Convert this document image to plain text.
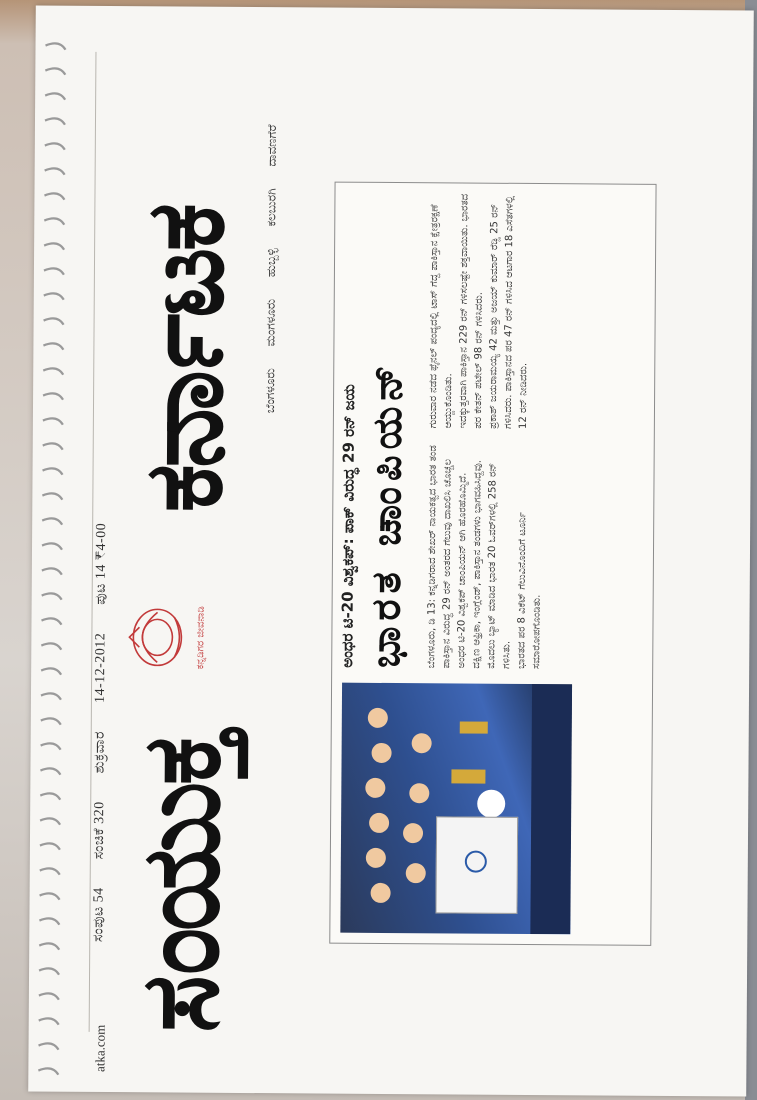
atka.com
ಸಂಪುಟ 54 ಸಂಚಿಕೆ 320 ಶುಕ್ರವಾರ 14-12-2012 ಪುಟ 14 ₹4-00
ಸಂಯುಕ್ತ
ಕರ್ನಾಟಕ
ಕನ್ನಡಿಗರ ಜೀವನಾಡಿ
ಬೆಂಗಳೂರು ಮಂಗಳೂರು ಹುಬ್ಬಳ್ಳಿ ಕಲಬುರಗಿ ದಾವಣಗೆರೆ
ಅಂಧರ ಟಿ-20 ವಿಶ್ವಕಪ್: ಪಾಕ್ ವಿರುದ್ಧ 29 ರನ್ ಜಯ ಭಾರತ ಚಾಂಪಿಯನ್ ಬೆಂಗಳೂರು, ಡಿ 13: ಕನ್ನಡಿಗರಾದ ಶೇಖರ್ ನಾಯಕತ್ವದ ಭಾರತ ತಂಡ ಪಾಕಿಸ್ತಾನ ವಿರುದ್ಧ 29 ರನ್ ಅಂತರದ ಗೆಲುವು ದಾಖಲಿಸಿ ಚೊಚ್ಚಲ ಅಂಧರ ಟಿ-20 ವಿಶ್ವಕಪ್ ಚಾಂಪಿಯನ್ ಆಗಿ ಹೊರಹೊಮ್ಮಿದೆ. ದಕ್ಷಿಣ ಆಫ್ರಿಕಾ, ಇಂಗ್ಲೆಂಡ್, ಪಾಕಿಸ್ತಾನ ತಂಡಗಳು ಭಾಗವಹಿಸಿದ್ದವು. ಮೊದಲು ಬ್ಯಾಟ್ ಮಾಡಿದ ಭಾರತ 20 ಓವರ್‌ಗಳಲ್ಲಿ 258 ರನ್ ಗಳಿಸಿತು. ಭಾರತದ ಪರ 8 ವಿಕೆಟ್‌ ಗೆಲುವಿನೊಂದಿಗೆ ಟೂರ್ನಿ ಸಮಾರೋಪಗೊಂಡಿತು.

ಗುರುವಾರ ನಡೆದ ಫೈನಲ್ ಪಂದ್ಯದಲ್ಲಿ ಟಾಸ್ ಗೆದ್ದ ಪಾಕಿಸ್ತಾನ ಕ್ಷೇತ್ರರಕ್ಷಣೆ ಆಯ್ದುಕೊಂಡಿತು. ಇದಕ್ಕುತ್ತರವಾಗಿ ಪಾಕಿಸ್ತಾನ 229 ರನ್ ಗಳಿಸಲಷ್ಟೇ ಶಕ್ತವಾಯಿತು. ಭಾರತದ ಪರ ಕೇತನ್ ಪಟೇಲ್ 98 ರನ್ ಗಳಿಸಿದರು. ಪ್ರಕಾಶ್ ಜಯರಾಮಯ್ಯ 42 ಮತ್ತು ಅಜಯ್ ಕುಮಾರ್ ರೆಡ್ಡಿ 25 ರನ್ ಗಳಿಸಿದರು. ಪಾಕಿಸ್ತಾನದ ಪರ 47 ರನ್ ಗಳಿಸಿದ ಆಟಗಾರ 18 ಎಸೆತಗಳಲ್ಲಿ 12 ರನ್ ನೀಡಿದರು.
